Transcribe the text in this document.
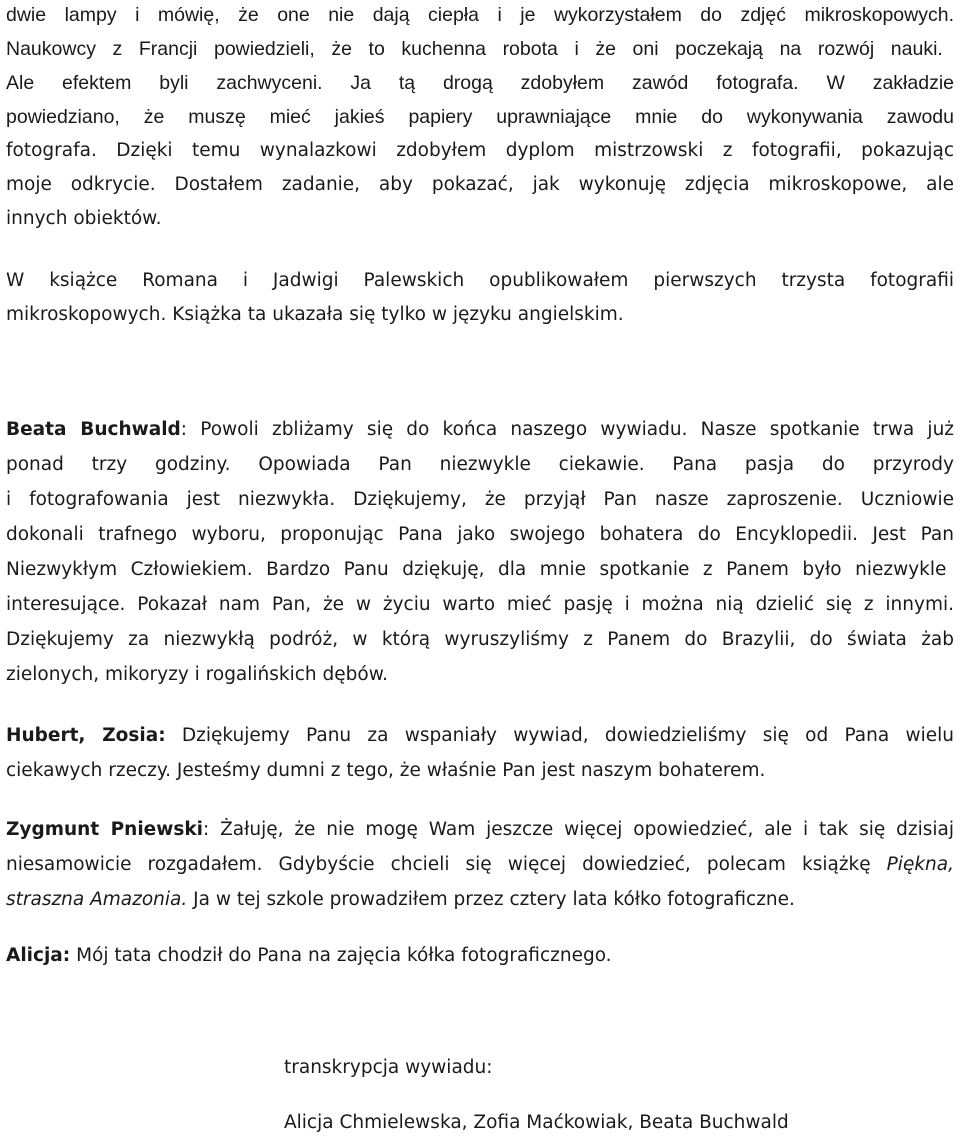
dwie lampy i mówię, że one nie dają ciepła i je wykorzystałem do zdjęć mikroskopowych.
Naukowcy z Francji powiedzieli, że to kuchenna robota i że oni poczekają na rozwój nauki.
Ale efektem byli zachwyceni. Ja tą drogą zdobyłem zawód fotografa. W zakładzie
powiedziano, że muszę mieć jakieś papiery uprawniające mnie do wykonywania zawodu
fotografa. Dzięki temu wynalazkowi zdobyłem dyplom mistrzowski z fotografii, pokazując
moje odkrycie. Dostałem zadanie, aby pokazać, jak wykonuję zdjęcia mikroskopowe, ale
innych obiektów.
W książce Romana i Jadwigi Palewskich opublikowałem pierwszych trzysta fotografii
mikroskopowych. Książka ta ukazała się tylko w języku angielskim.
Beata Buchwald: Powoli zbliżamy się do końca naszego wywiadu. Nasze spotkanie trwa już
ponad trzy godziny. Opowiada Pan niezwykle ciekawie. Pana pasja do przyrody
i fotografowania jest niezwykła. Dziękujemy, że przyjął Pan nasze zaproszenie. Uczniowie
dokonali trafnego wyboru, proponując Pana jako swojego bohatera do Encyklopedii. Jest Pan
Niezwykłym Człowiekiem. Bardzo Panu dziękuję, dla mnie spotkanie z Panem było niezwykle
interesujące. Pokazał nam Pan, że w życiu warto mieć pasję i można nią dzielić się z innymi.
Dziękujemy za niezwykłą podróż, w którą wyruszyliśmy z Panem do Brazylii, do świata żab
zielonych, mikoryzy i rogalińskich dębów.
Hubert, Zosia: Dziękujemy Panu za wspaniały wywiad, dowiedzieliśmy się od Pana wielu
ciekawych rzeczy. Jesteśmy dumni z tego, że właśnie Pan jest naszym bohaterem.
Zygmunt Pniewski: Żałuję, że nie mogę Wam jeszcze więcej opowiedzieć, ale i tak się dzisiaj
niesamowicie rozgadałem. Gdybyście chcieli się więcej dowiedzieć, polecam książkę Piękna,
straszna Amazonia. Ja w tej szkole prowadziłem przez cztery lata kółko fotograficzne.
Alicja: Mój tata chodził do Pana na zajęcia kółka fotograficznego.
transkrypcja wywiadu:
Alicja Chmielewska, Zofia Maćkowiak, Beata Buchwald
